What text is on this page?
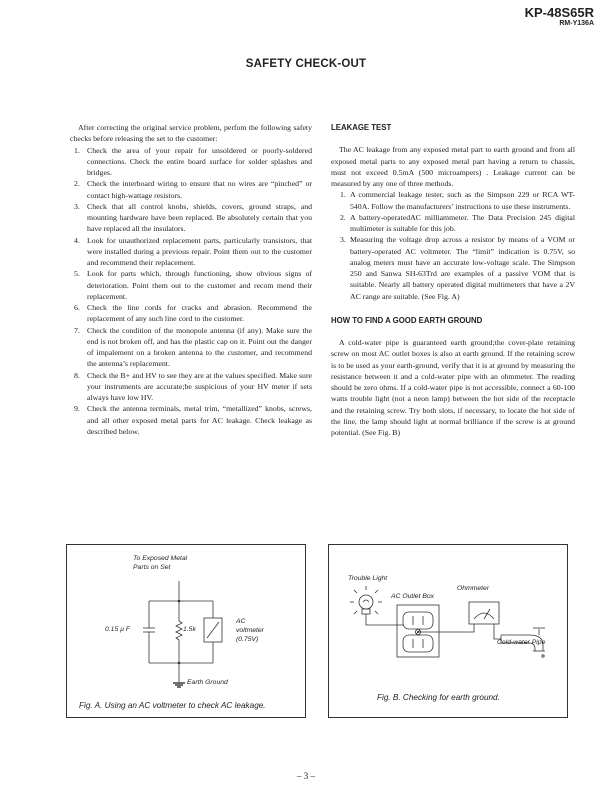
KP-48S65R
RM-Y136A
SAFETY CHECK-OUT

After correcting the original service problem, perfom the following safety checks before releasing the set to the customer:

1. Check the area of your repair for unsoldered or poorly-soldered connections. Check the entire board surface for solder splashes and bridges.
2. Check the interboard wiring to ensure that no wires are “pinched” or contact high-wattage resistors.
3. Check that all control knobs, shields, covers, ground straps, and mounting hardware have been replaced. Be absolutely certain that you have replaced all the insulators.
4. Look for unauthorized replacement parts, particularly transistors, that were installed during a previous repair. Point them out to the customer and recommend their replacement.
5. Look for parts which, through functioning, show obvious signs of deterioration. Point them out to the customer and recom mend their replacement.
6. Check the line cords for cracks and abrasion. Recommend the replacement of any such line cord to the customer.
7. Check the condition of the monopole antenna (if any). Make sure the end is not broken off, and has the plastic cap on it. Point out the danger of impalement on a broken antenna to the customer, and recommend the antenna’s replacement.
8. Check the B+ and HV to see they are at the values specified. Make sure your instruments are accurate;be suspicious of your HV meter if sets always have low HV.
9. Check the antenna terminals, metal trim, “metallized” knobs, screws, and all other exposed metal parts for AC leakage. Check leakage as described below.

LEAKAGE TEST

The AC leakage from any exposed metal part to earth ground and from all exposed metal parts to any exposed metal part having a return to chassis, must not exceed 0.5mA (500 microampers) . Leakage current can be measured by any one of three methods.

1. A commercial leakage tester, such as the Simpson 229 or RCA WT-540A. Follow the manufacturers’ instructions to use these instruments.
2. A battery-operatedAC milliammeter. The Data Precision 245 digital multimeter is suitable for this job.
3. Measuring the voltage drop across a resistor by means of a VOM or battery-operated AC voltmeter. The “limit” indication is 0.75V, so analog meters must have an accurate low-voltage scale. The Simpson 250 and Sanwa SH-63Trd are examples of a passive VOM that is suitable. Nearly all battery operated digital multimeters that have a 2V AC range are suitable. (See Fig. A)

HOW TO FIND A GOOD EARTH GROUND

A cold-water pipe is guaranteed earth ground;the cover-plate retaining screw on most AC outlet boxes is also at earth ground. If the retaining screw is to be used as your earth-ground, verify that it is at ground by measuring the resistance between it and a cold-water pipe with an ohmmeter. The reading should be zero ohms. If a cold-water pipe is not accessible, connect a 60-100 watts trouble light (not a neon lamp) between the hot side of the receptacle and the retaining screw. Try both slots, if necessary, to locate the hot side of the line, the lamp should light at normal brilliance if the screw is at ground potential. (See Fig. B)

To Exposed Metal
Parts on Set
0.15 µ F	1.5k
AC
voltmeter
(0.75V)
Earth Ground
Fig. A. Using an AC voltmeter to check AC leakage.
Trouble Light
Ohmmeter
AC Outlet Box
Cold-water Pipe
Fig. B. Checking for earth ground.
– 3 –
